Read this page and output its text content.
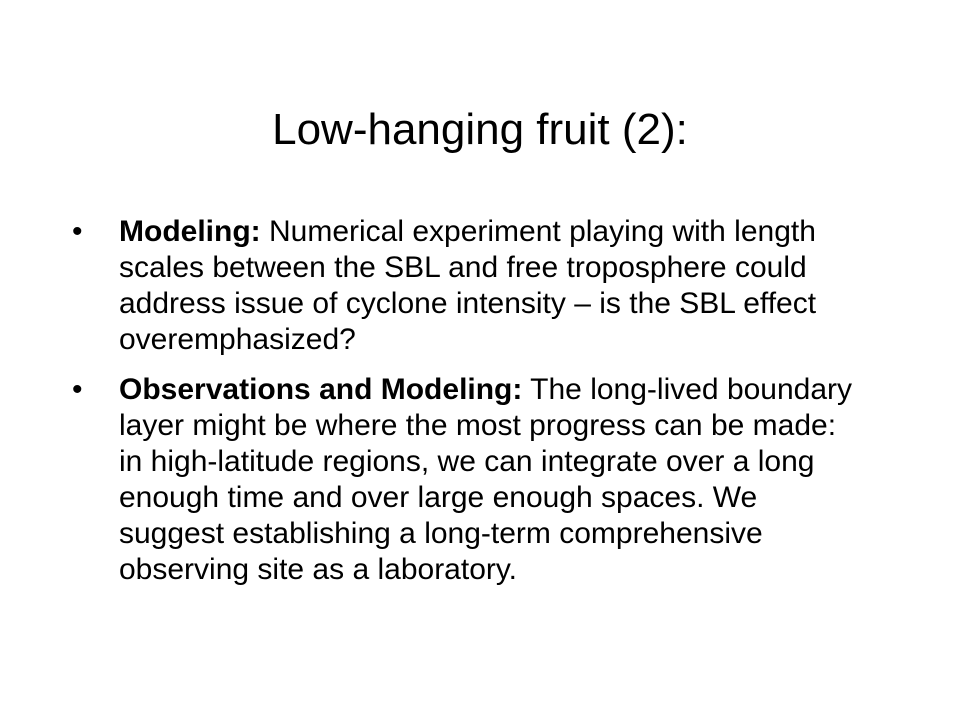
Low-hanging fruit (2):
• Modeling: Numerical experiment playing with length scales between the SBL and free troposphere could address issue of cyclone intensity – is the SBL effect overemphasized?
• Observations and Modeling: The long-lived boundary layer might be where the most progress can be made: in high-latitude regions, we can integrate over a long enough time and over large enough spaces. We suggest establishing a long-term comprehensive observing site as a laboratory.
